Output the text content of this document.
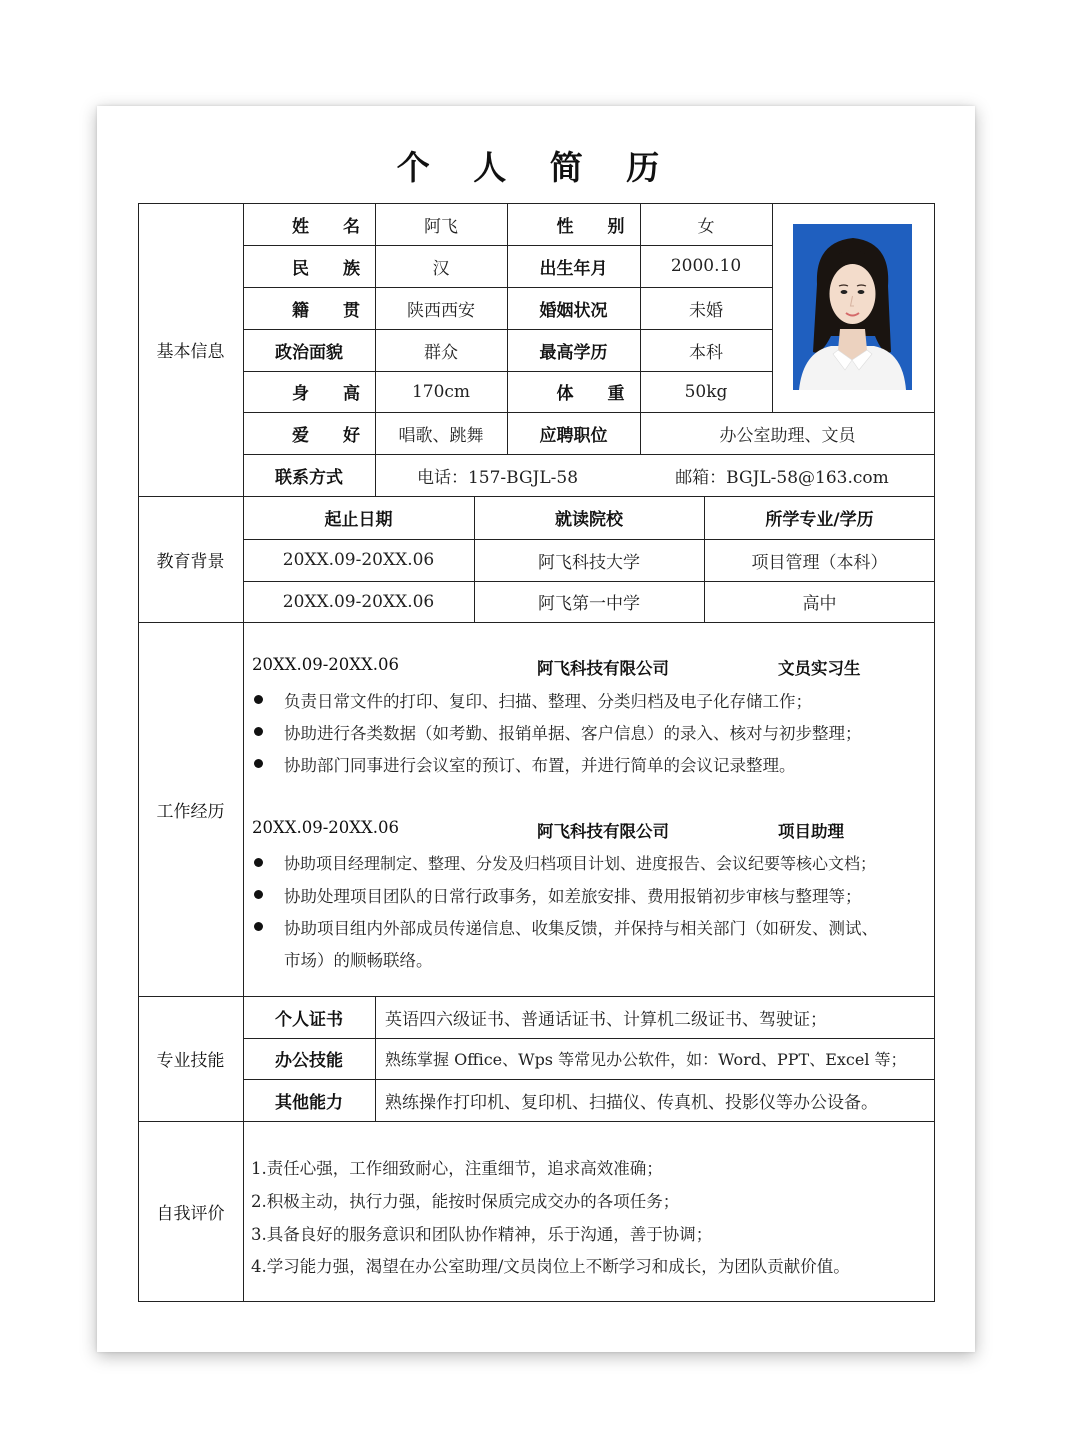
个 人 简 历
基本信息
姓名	阿飞	性别	女
民族	汉	出生年月	2000.10
籍贯 陕西西安	婚姻状况	未婚
政治面貌	群众	最高学历	本科
身高	170cm	体重	50kg
爱好 唱歌、跳舞	应聘职位	办公室助理、文员
联系方式	电话：157-BGJL-58	邮箱：BGJL-58@163.com
教育背景
起止日期	就读院校	所学专业/学历
20XX.09-20XX.06	阿飞科技大学	项目管理（本科）
20XX.09-20XX.06	阿飞第一中学	高中
工作经历
20XX.09-20XX.06	阿飞科技有限公司	文员实习生
负责日常文件的打印、复印、扫描、整理、分类归档及电子化存储工作；
协助进行各类数据（如考勤、报销单据、客户信息）的录入、核对与初步整理；
协助部门同事进行会议室的预订、布置，并进行简单的会议记录整理。
20XX.09-20XX.06	阿飞科技有限公司	项目助理
协助项目经理制定、整理、分发及归档项目计划、进度报告、会议纪要等核心文档；
协助处理项目团队的日常行政事务，如差旅安排、费用报销初步审核与整理等；
协助项目组内外部成员传递信息、收集反馈，并保持与相关部门（如研发、测试、
市场）的顺畅联络。
专业技能
个人证书	英语四六级证书、普通话证书、计算机二级证书、驾驶证；
办公技能	熟练掌握 Office、Wps 等常见办公软件，如：Word、PPT、Excel 等；
其他能力	熟练操作打印机、复印机、扫描仪、传真机、投影仪等办公设备。
自我评价
1.责任心强，工作细致耐心，注重细节，追求高效准确；
2.积极主动，执行力强，能按时保质完成交办的各项任务；
3.具备良好的服务意识和团队协作精神，乐于沟通，善于协调；
4.学习能力强，渴望在办公室助理/文员岗位上不断学习和成长，为团队贡献价值。
